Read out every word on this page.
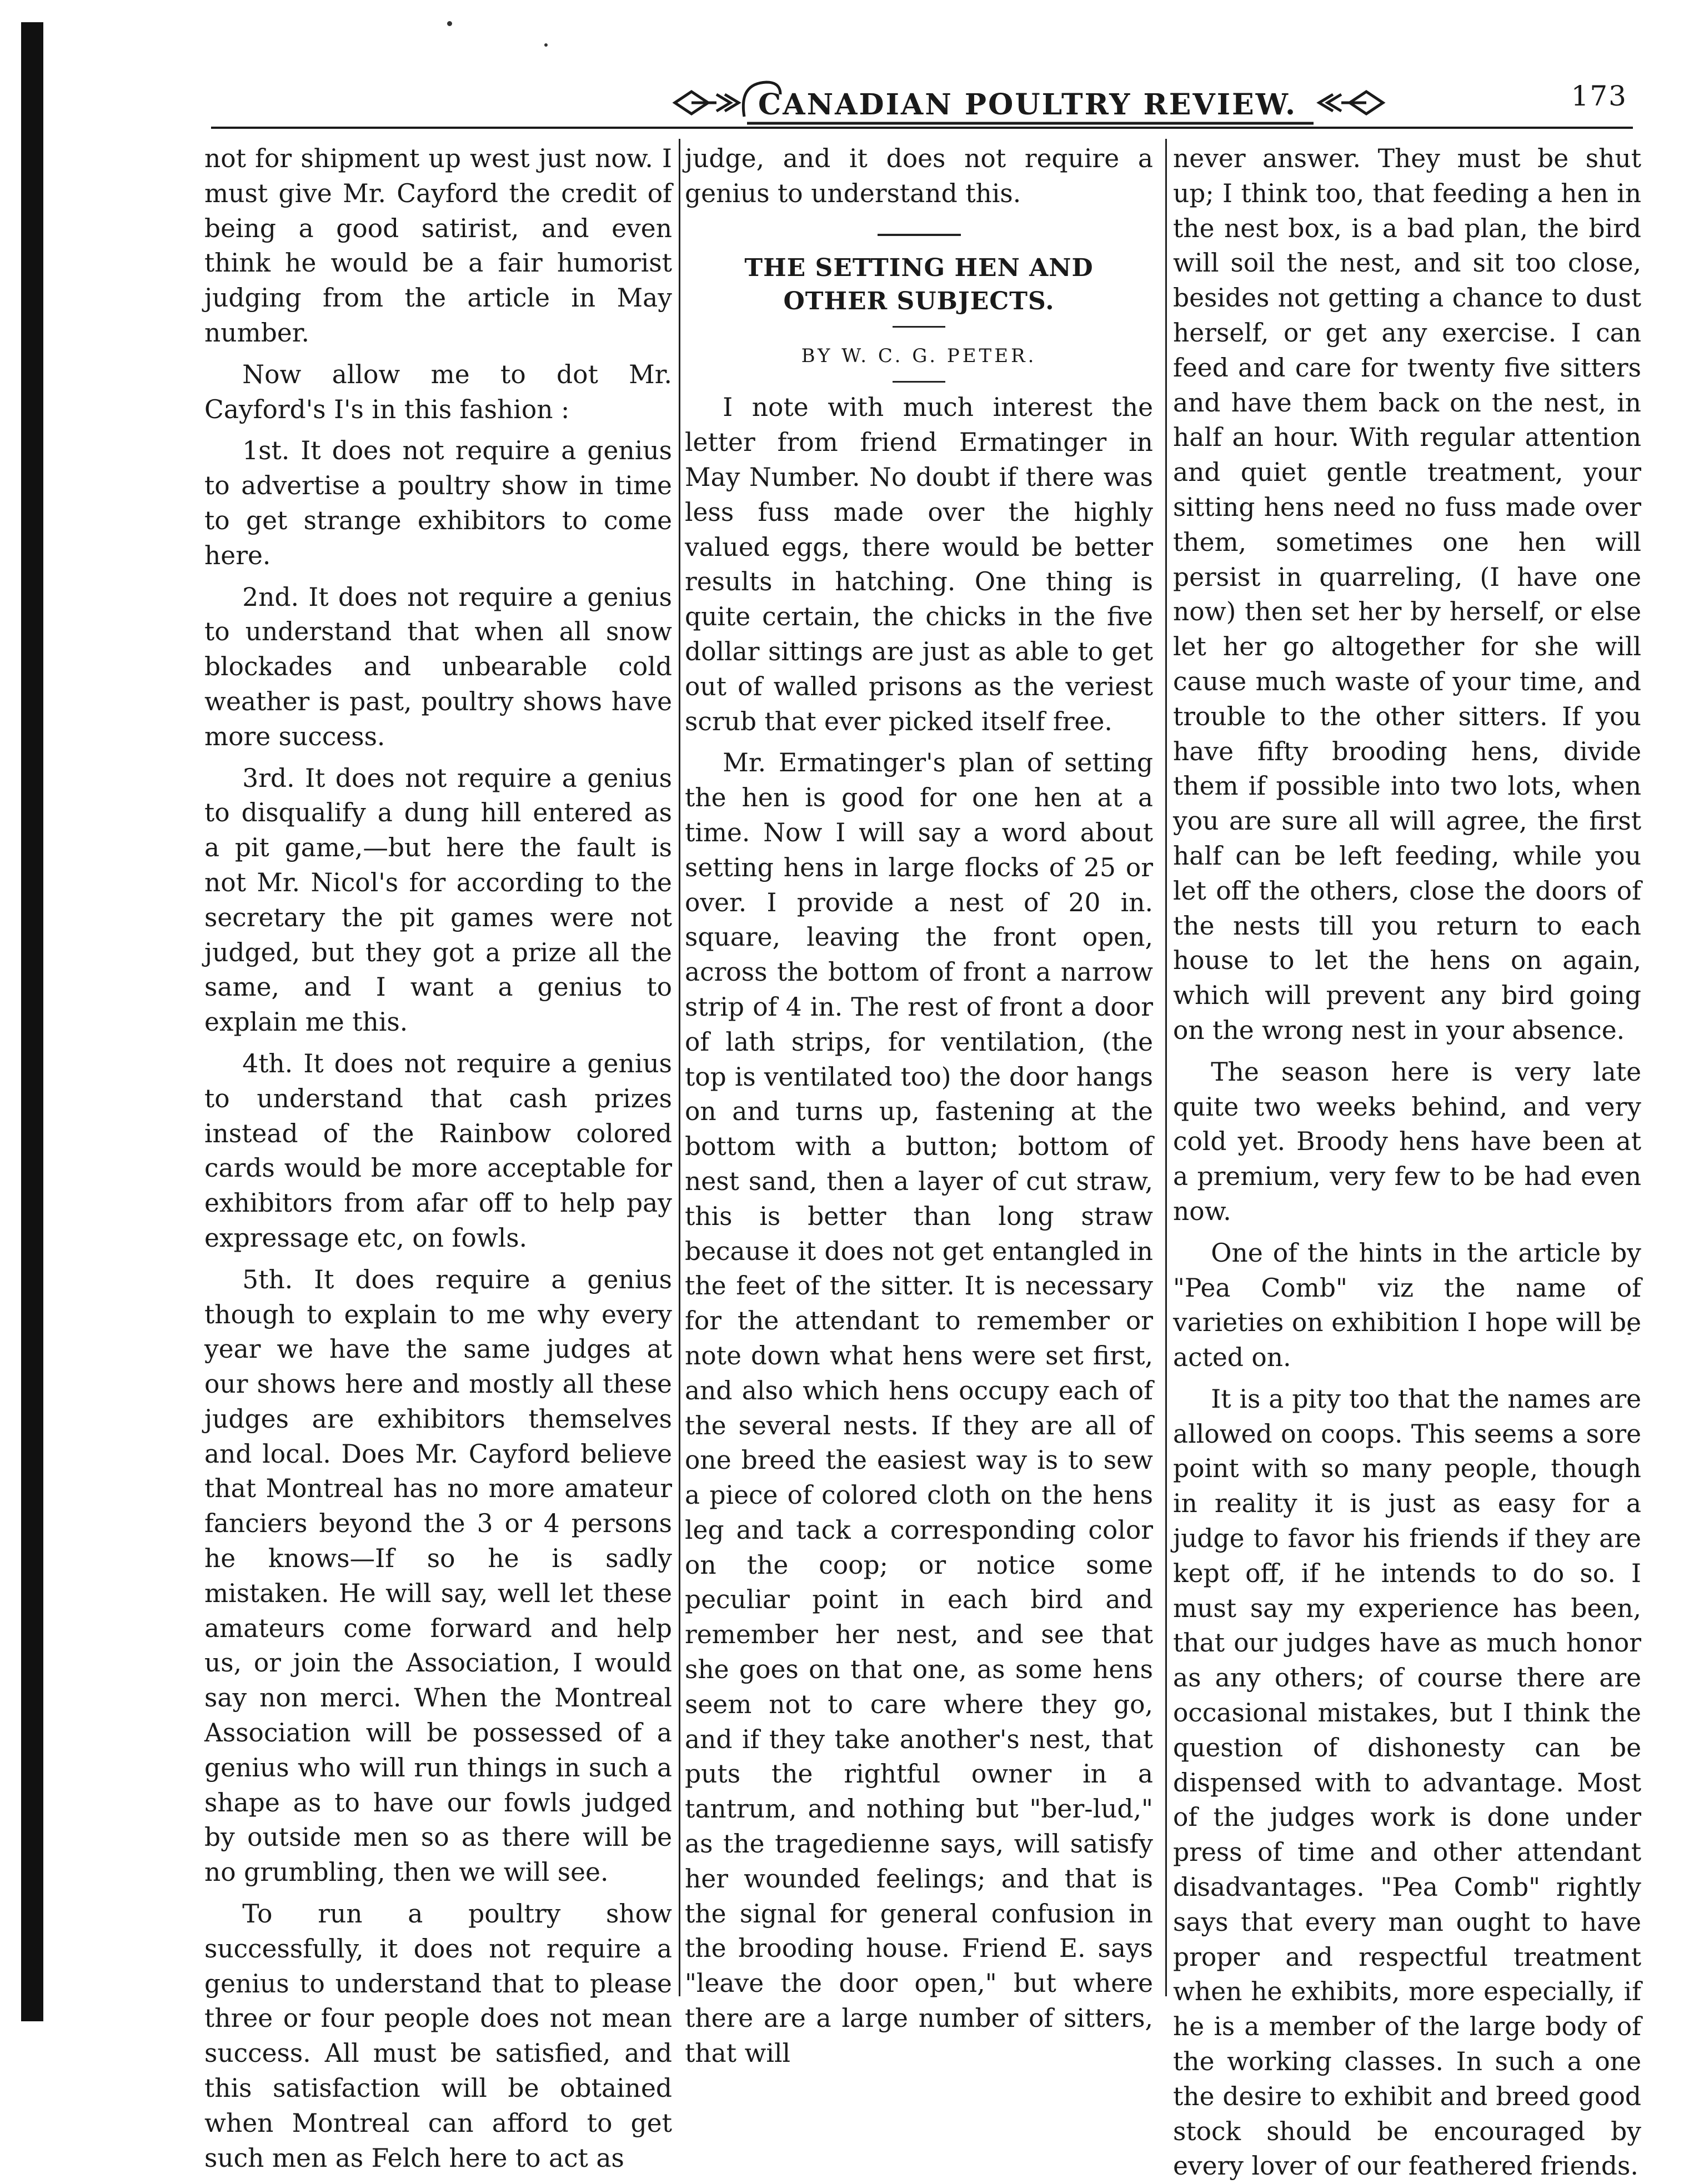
CANADIAN POULTRY REVIEW.	173

not for shipment up west just now. I must give Mr. Cayford the credit of being a good satirist, and even think he would be a fair humorist judging from the article in May number.

Now allow me to dot Mr. Cayford's I's in this fashion :

1st. It does not require a genius to advertise a poultry show in time to get strange exhibitors to come here.

2nd. It does not require a genius to understand that when all snow blockades and unbearable cold weather is past, poultry shows have more success.

3rd. It does not require a genius to disqualify a dung hill entered as a pit game,—but here the fault is not Mr. Nicol's for according to the secretary the pit games were not judged, but they got a prize all the same, and I want a genius to explain me this.

4th. It does not require a genius to understand that cash prizes instead of the Rainbow colored cards would be more acceptable for exhibitors from afar off to help pay expressage etc, on fowls.

5th. It does require a genius though to explain to me why every year we have the same judges at our shows here and mostly all these judges are exhibitors themselves and local. Does Mr. Cayford believe that Montreal has no more amateur fanciers beyond the 3 or 4 persons he knows—If so he is sadly mistaken. He will say, well let these amateurs come forward and help us, or join the Association, I would say non merci. When the Montreal Association will be possessed of a genius who will run things in such a shape as to have our fowls judged by outside men so as there will be no grumbling, then we will see.

To run a poultry show successfully, it does not require a genius to understand that to please three or four people does not mean success. All must be satisfied, and this satisfaction will be obtained when Montreal can afford to get such men as Felch here to act as

judge, and it does not require a genius to understand this.

THE SETTING HEN AND OTHER SUBJECTS.

BY W. C. G. PETER.

I note with much interest the letter from friend Ermatinger in May Number. No doubt if there was less fuss made over the highly valued eggs, there would be better results in hatching. One thing is quite certain, the chicks in the five dollar sittings are just as able to get out of walled prisons as the veriest scrub that ever picked itself free.

Mr. Ermatinger's plan of setting the hen is good for one hen at a time. Now I will say a word about setting hens in large flocks of 25 or over. I provide a nest of 20 in. square, leaving the front open, across the bottom of front a narrow strip of 4 in. The rest of front a door of lath strips, for ventilation, (the top is ventilated too) the door hangs on and turns up, fastening at the bottom with a button; bottom of nest sand, then a layer of cut straw, this is better than long straw because it does not get entangled in the feet of the sitter. It is necessary for the attendant to remember or note down what hens were set first, and also which hens occupy each of the several nests. If they are all of one breed the easiest way is to sew a piece of colored cloth on the hens leg and tack a corresponding color on the coop; or notice some peculiar point in each bird and remember her nest, and see that she goes on that one, as some hens seem not to care where they go, and if they take another's nest, that puts the rightful owner in a tantrum, and nothing but "ber-lud," as the tragedienne says, will satisfy her wounded feelings; and that is the signal for general confusion in the brooding house. Friend E. says "leave the door open," but where there are a large number of sitters, that will

never answer. They must be shut up; I think too, that feeding a hen in the nest box, is a bad plan, the bird will soil the nest, and sit too close, besides not getting a chance to dust herself, or get any exercise. I can feed and care for twenty five sitters and have them back on the nest, in half an hour. With regular attention and quiet gentle treatment, your sitting hens need no fuss made over them, sometimes one hen will persist in quarreling, (I have one now) then set her by herself, or else let her go altogether for she will cause much waste of your time, and trouble to the other sitters. If you have fifty brooding hens, divide them if possible into two lots, when you are sure all will agree, the first half can be left feeding, while you let off the others, close the doors of the nests till you return to each house to let the hens on again, which will prevent any bird going on the wrong nest in your absence.

The season here is very late quite two weeks behind, and very cold yet. Broody hens have been at a premium, very few to be had even now.

One of the hints in the article by "Pea Comb" viz the name of varieties on exhibition I hope will be acted on.

It is a pity too that the names are allowed on coops. This seems a sore point with so many people, though in reality it is just as easy for a judge to favor his friends if they are kept off, if he intends to do so. I must say my experience has been, that our judges have as much honor as any others; of course there are occasional mistakes, but I think the question of dishonesty can be dispensed with to advantage. Most of the judges work is done under press of time and other attendant disadvantages. "Pea Comb" rightly says that every man ought to have proper and respectful treatment when he exhibits, more especially, if he is a member of the large body of the working classes. In such a one the desire to exhibit and breed good stock should be encouraged by every lover of our feathered friends.
